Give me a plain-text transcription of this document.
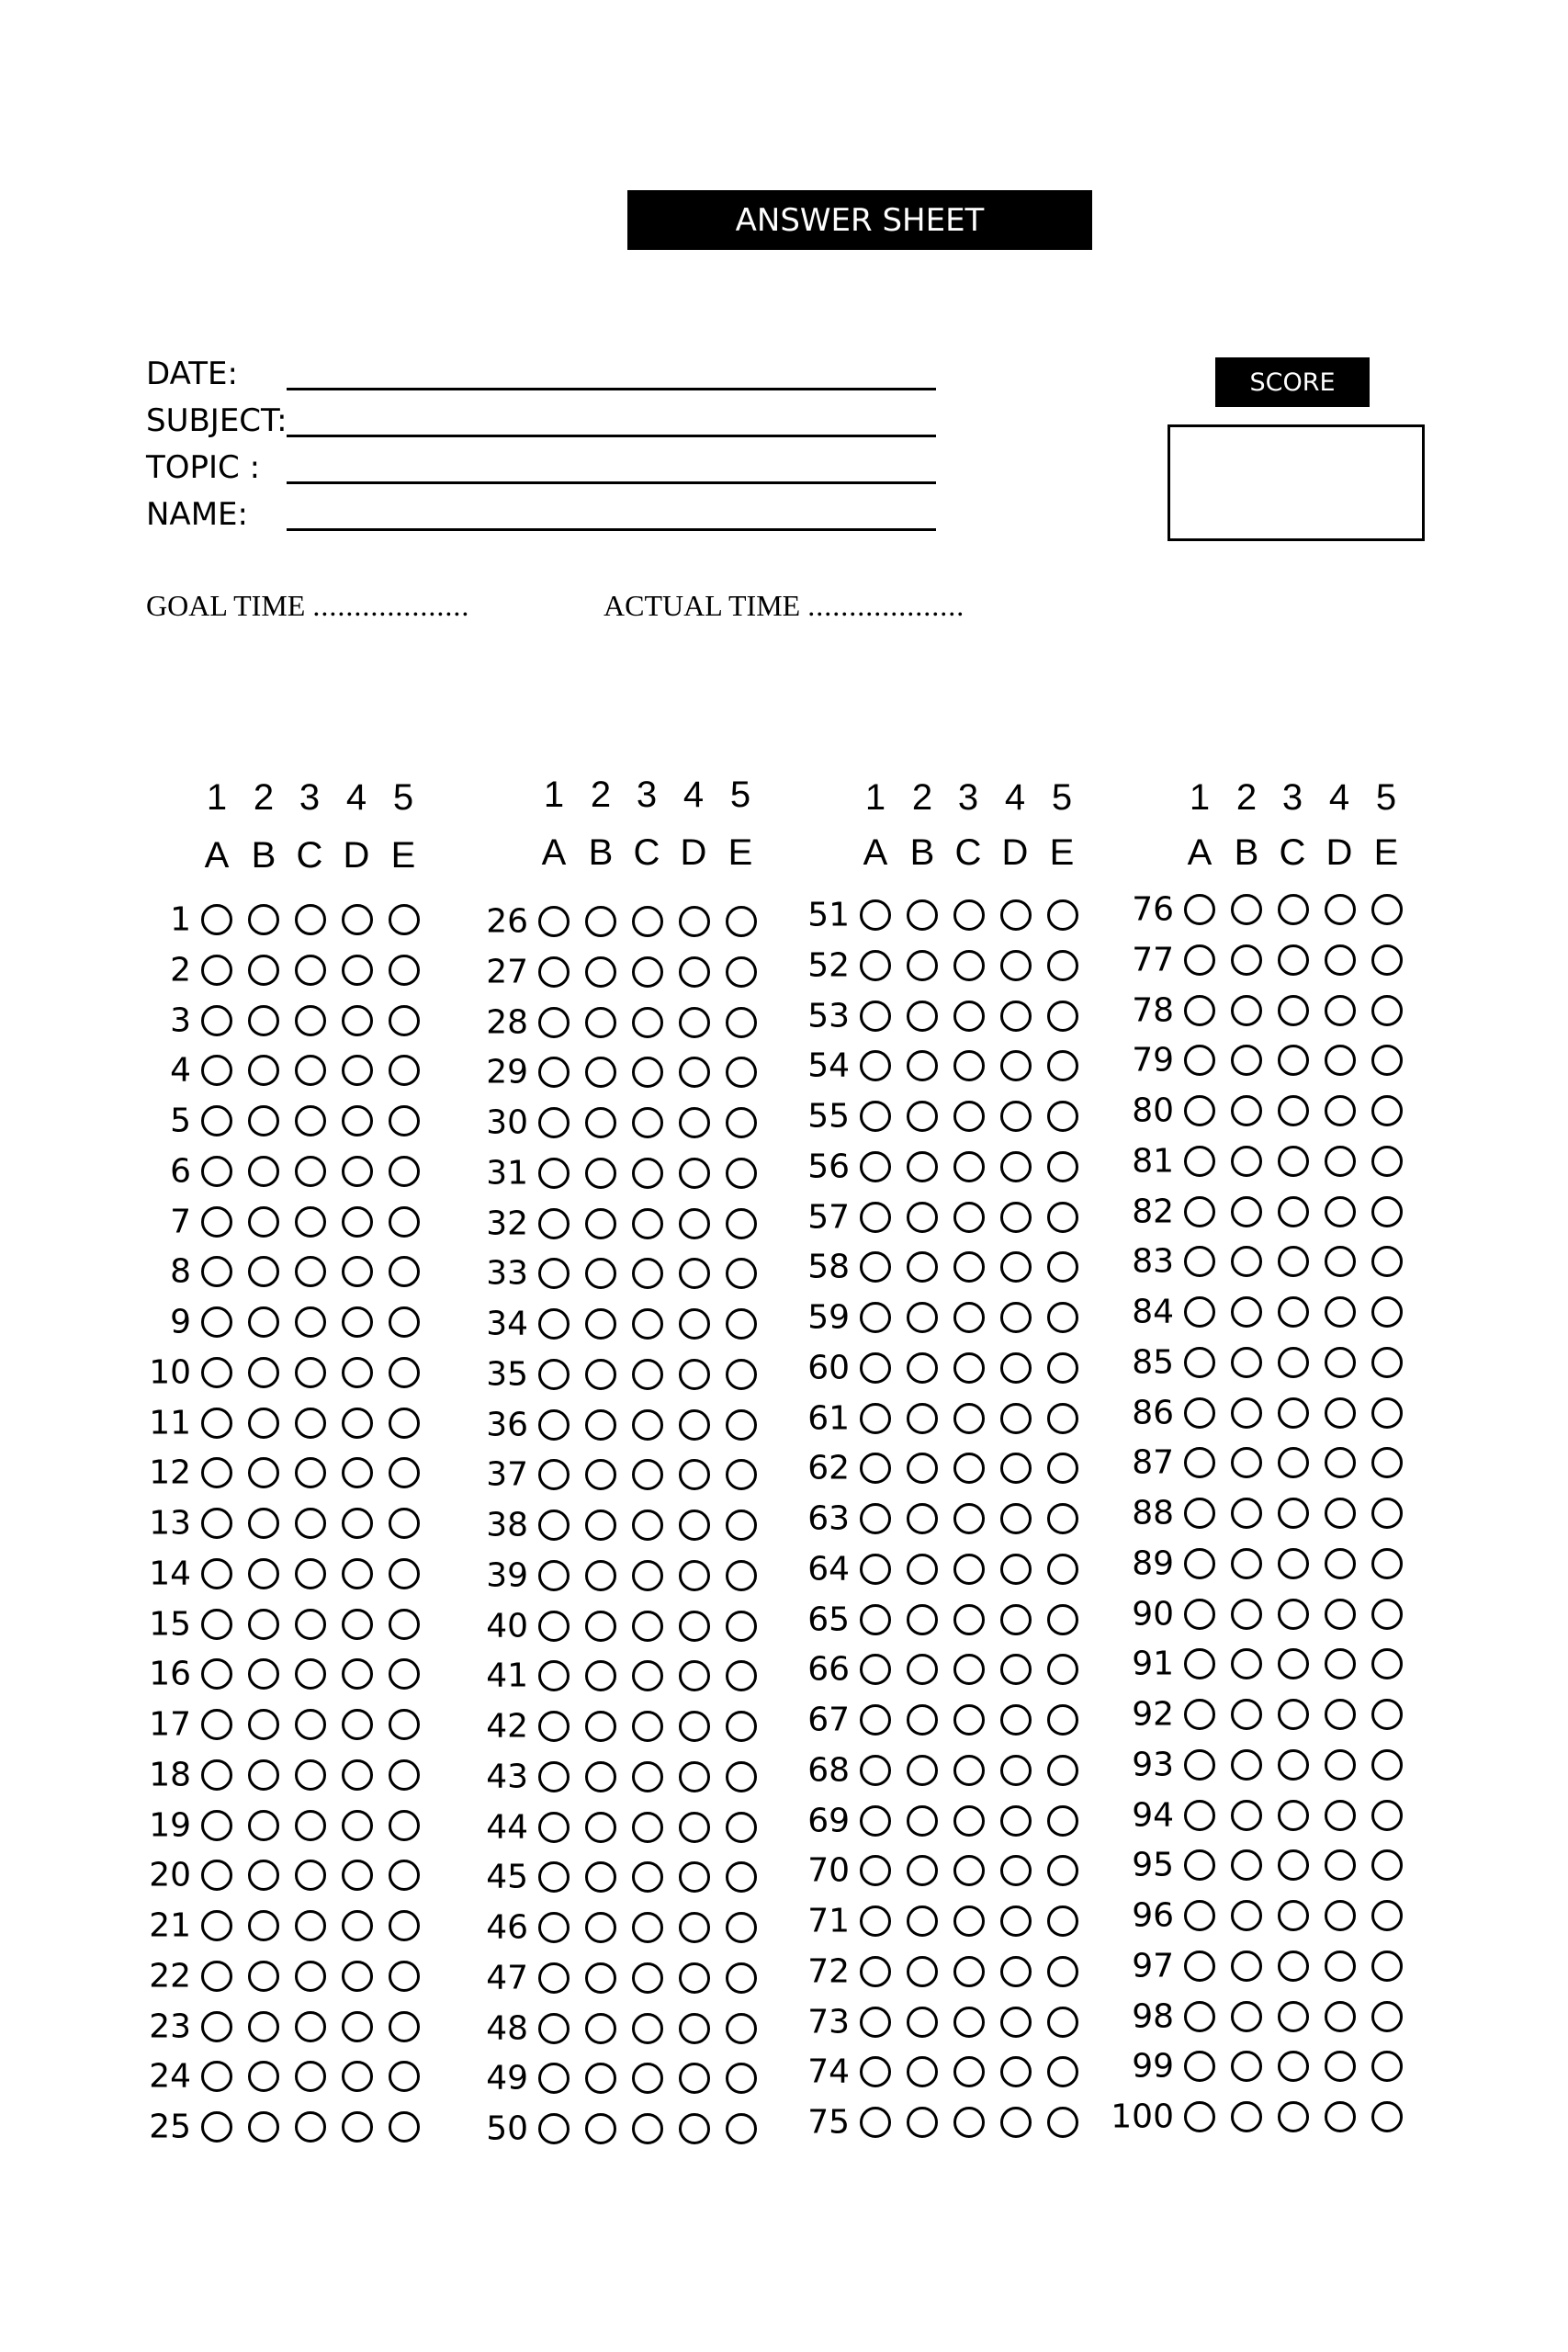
ANSWER SHEET
DATE:
SUBJECT:
TOPIC :
NAME:
SCORE
GOAL TIME ...................	ACTUAL TIME ...................
1 2 3 4 5
A B C D E
1
2
3
4
5
6
7
8
9
10
11
12
13
14
15
16
17
18
19
20
21
22
23
24
25
1 2 3 4 5
A B C D E
26
27
28
29
30
31
32
33
34
35
36
37
38
39
40
41
42
43
44
45
46
47
48
49
50
1 2 3 4 5
A B C D E
51
52
53
54
55
56
57
58
59
60
61
62
63
64
65
66
67
68
69
70
71
72
73
74
75
1 2 3 4 5
A B C D E
76
77
78
79
80
81
82
83
84
85
86
87
88
89
90
91
92
93
94
95
96
97
98
99
100
